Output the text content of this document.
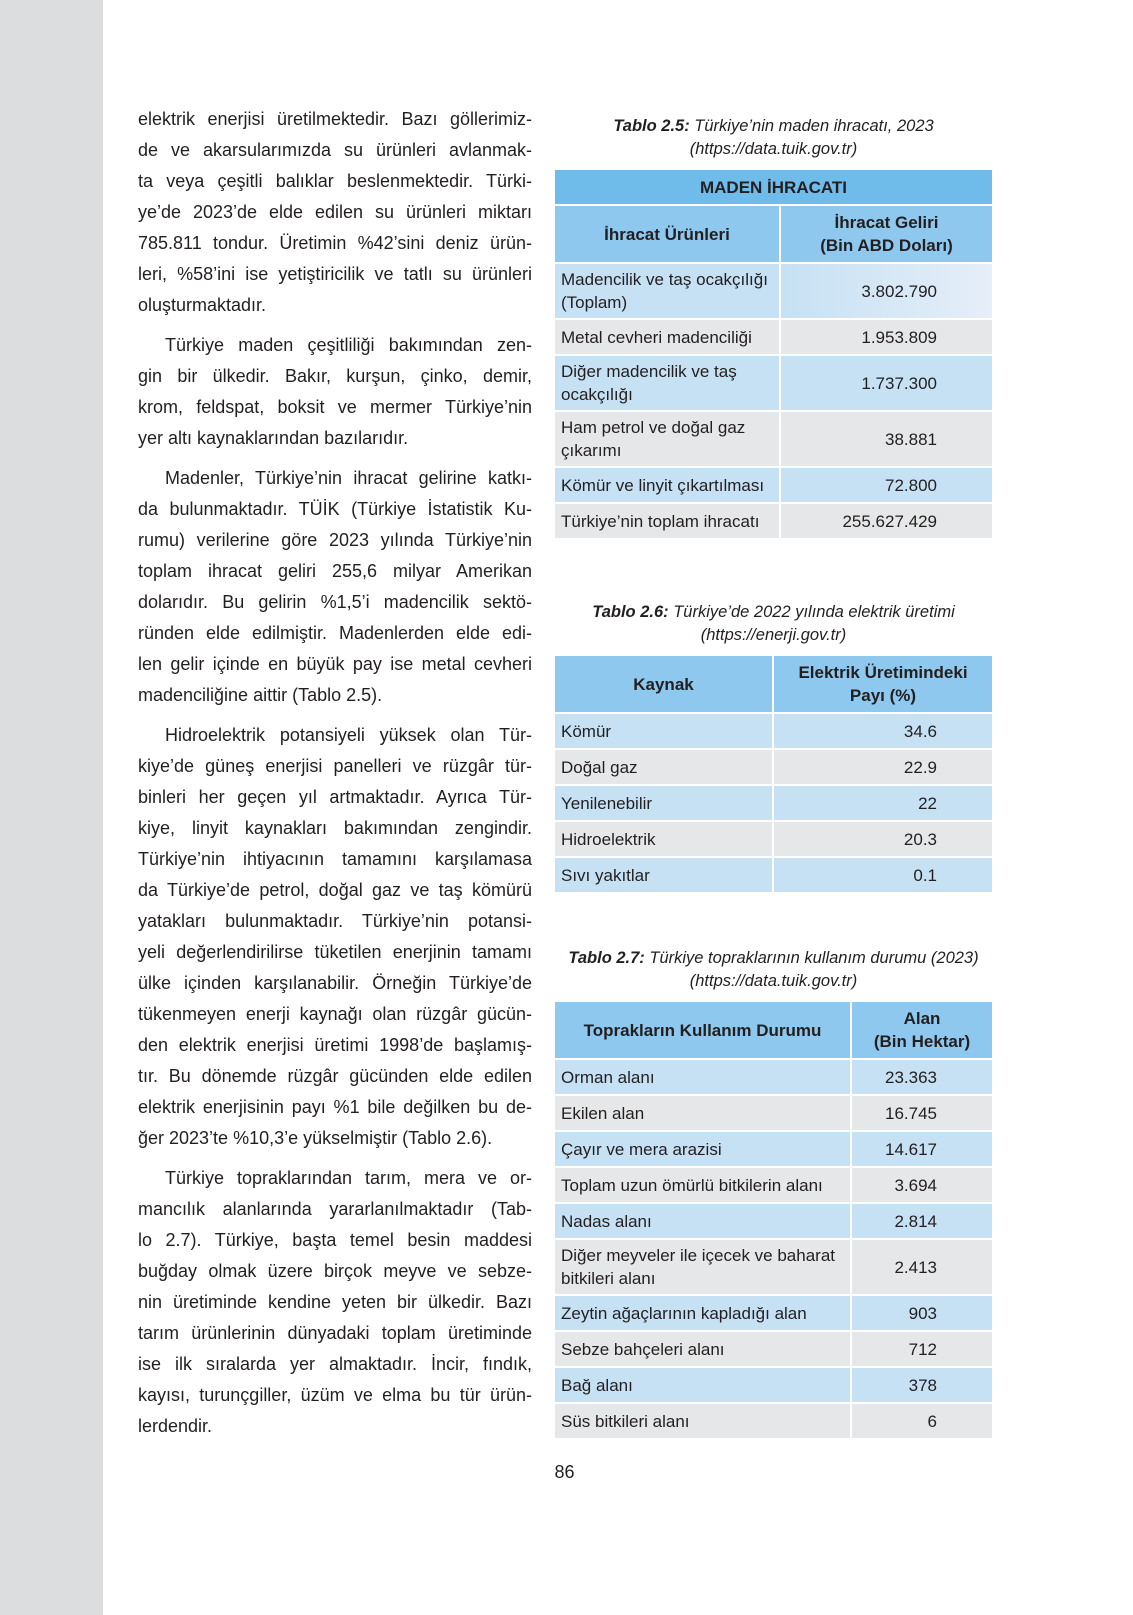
elektrik enerjisi üretilmektedir. Bazı göllerimiz-
de ve akarsularımızda su ürünleri avlanmak-
ta veya çeşitli balıklar beslenmektedir. Türki-
ye’de 2023’de elde edilen su ürünleri miktarı
785.811 tondur. Üretimin %42’sini deniz ürün-
leri, %58’ini ise yetiştiricilik ve tatlı su ürünleri
oluşturmaktadır.
Türkiye maden çeşitliliği bakımından zen-
gin bir ülkedir. Bakır, kurşun, çinko, demir,
krom, feldspat, boksit ve mermer Türkiye’nin
yer altı kaynaklarından bazılarıdır.
Madenler, Türkiye’nin ihracat gelirine katkı-
da bulunmaktadır. TÜİK (Türkiye İstatistik Ku-
rumu) verilerine göre 2023 yılında Türkiye’nin
toplam ihracat geliri 255,6 milyar Amerikan
dolarıdır. Bu gelirin %1,5’i madencilik sektö-
ründen elde edilmiştir. Madenlerden elde edi-
len gelir içinde en büyük pay ise metal cevheri
madenciliğine aittir (Tablo 2.5).
Hidroelektrik potansiyeli yüksek olan Tür-
kiye’de güneş enerjisi panelleri ve rüzgâr tür-
binleri her geçen yıl artmaktadır. Ayrıca Tür-
kiye, linyit kaynakları bakımından zengindir.
Türkiye’nin ihtiyacının tamamını karşılamasa
da Türkiye’de petrol, doğal gaz ve taş kömürü
yatakları bulunmaktadır. Türkiye’nin potansi-
yeli değerlendirilirse tüketilen enerjinin tamamı
ülke içinden karşılanabilir. Örneğin Türkiye’de
tükenmeyen enerji kaynağı olan rüzgâr gücün-
den elektrik enerjisi üretimi 1998’de başlamış-
tır. Bu dönemde rüzgâr gücünden elde edilen
elektrik enerjisinin payı %1 bile değilken bu de-
ğer 2023’te %10,3’e yükselmiştir (Tablo 2.6).
Türkiye topraklarından tarım, mera ve or-
mancılık alanlarında yararlanılmaktadır (Tab-
lo 2.7). Türkiye, başta temel besin maddesi
buğday olmak üzere birçok meyve ve sebze-
nin üretiminde kendine yeten bir ülkedir. Bazı
tarım ürünlerinin dünyadaki toplam üretiminde
ise ilk sıralarda yer almaktadır. İncir, fındık,
kayısı, turunçgiller, üzüm ve elma bu tür ürün-
lerdendir.
Tablo 2.5: Türkiye’nin maden ihracatı, 2023
(https://data.tuik.gov.tr)
MADEN İHRACATI	
İhracat Ürünleri	İhracat Geliri
(Bin ABD Doları)
Madencilik ve taş ocakçılığı (Toplam)	3.802.790
Metal cevheri madenciliği	1.953.809
Diğer madencilik ve taş ocakçılığı	1.737.300
Ham petrol ve doğal gaz çıkarımı	38.881
Kömür ve linyit çıkartılması	72.800
Türkiye’nin toplam ihracatı	255.627.429
Tablo 2.6: Türkiye’de 2022 yılında elektrik üretimi
(https://enerji.gov.tr)
Kaynak	Elektrik Üretimindeki
Payı (%)
Kömür	34.6
Doğal gaz	22.9
Yenilenebilir	22
Hidroelektrik	20.3
Sıvı yakıtlar	0.1
Tablo 2.7: Türkiye topraklarının kullanım durumu (2023)
(https://data.tuik.gov.tr)
Toprakların Kullanım Durumu	Alan
(Bin Hektar)
Orman alanı	23.363
Ekilen alan	16.745
Çayır ve mera arazisi	14.617
Toplam uzun ömürlü bitkilerin alanı	3.694
Nadas alanı	2.814
Diğer meyveler ile içecek ve baharat bitkileri alanı	2.413
Zeytin ağaçlarının kapladığı alan	903
Sebze bahçeleri alanı	712
Bağ alanı	378
Süs bitkileri alanı	6
86
